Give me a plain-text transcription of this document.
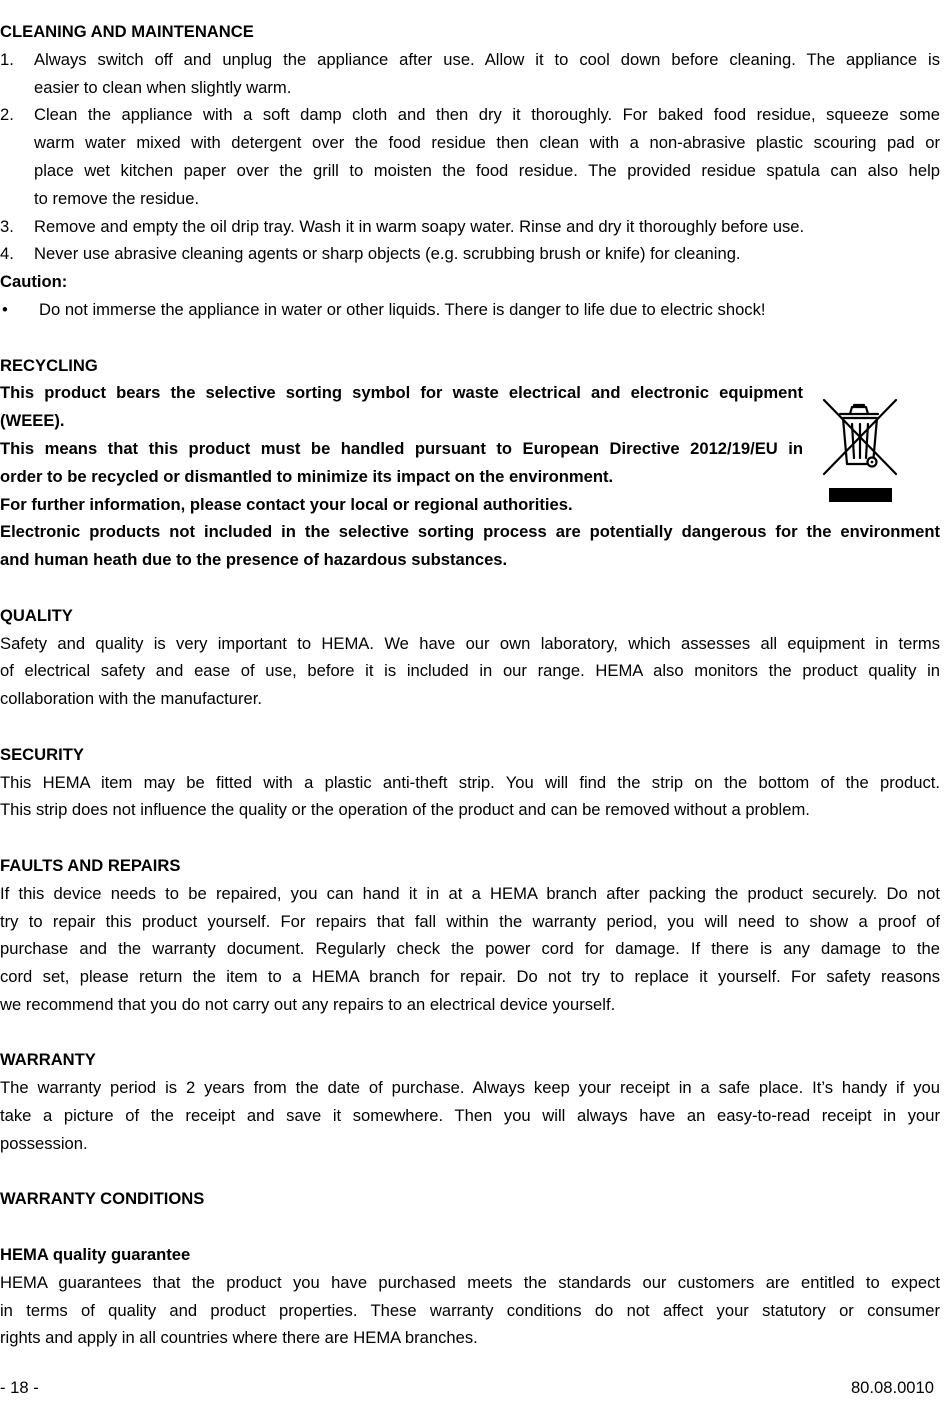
CLEANING AND MAINTENANCE
1. Always switch off and unplug the appliance after use. Allow it to cool down before cleaning. The appliance is
easier to clean when slightly warm.
2. Clean the appliance with a soft damp cloth and then dry it thoroughly. For baked food residue, squeeze some
warm water mixed with detergent over the food residue then clean with a non-abrasive plastic scouring pad or
place wet kitchen paper over the grill to moisten the food residue. The provided residue spatula can also help
to remove the residue.
3. Remove and empty the oil drip tray. Wash it in warm soapy water. Rinse and dry it thoroughly before use.
4. Never use abrasive cleaning agents or sharp objects (e.g. scrubbing brush or knife) for cleaning.
Caution:
• Do not immerse the appliance in water or other liquids. There is danger to life due to electric shock!
RECYCLING
This product bears the selective sorting symbol for waste electrical and electronic equipment
(WEEE).
This means that this product must be handled pursuant to European Directive 2012/19/EU in
order to be recycled or dismantled to minimize its impact on the environment.
For further information, please contact your local or regional authorities.
Electronic products not included in the selective sorting process are potentially dangerous for the environment
and human heath due to the presence of hazardous substances.
QUALITY
Safety and quality is very important to HEMA. We have our own laboratory, which assesses all equipment in terms
of electrical safety and ease of use, before it is included in our range. HEMA also monitors the product quality in
collaboration with the manufacturer.
SECURITY
This HEMA item may be fitted with a plastic anti-theft strip. You will find the strip on the bottom of the product.
This strip does not influence the quality or the operation of the product and can be removed without a problem.
FAULTS AND REPAIRS
If this device needs to be repaired, you can hand it in at a HEMA branch after packing the product securely. Do not
try to repair this product yourself. For repairs that fall within the warranty period, you will need to show a proof of
purchase and the warranty document. Regularly check the power cord for damage. If there is any damage to the
cord set, please return the item to a HEMA branch for repair. Do not try to replace it yourself. For safety reasons
we recommend that you do not carry out any repairs to an electrical device yourself.
WARRANTY
The warranty period is 2 years from the date of purchase. Always keep your receipt in a safe place. It’s handy if you
take a picture of the receipt and save it somewhere. Then you will always have an easy-to-read receipt in your
possession.
WARRANTY CONDITIONS
HEMA quality guarantee
HEMA guarantees that the product you have purchased meets the standards our customers are entitled to expect
in terms of quality and product properties. These warranty conditions do not affect your statutory or consumer
rights and apply in all countries where there are HEMA branches.
- 18 -	80.08.0010
